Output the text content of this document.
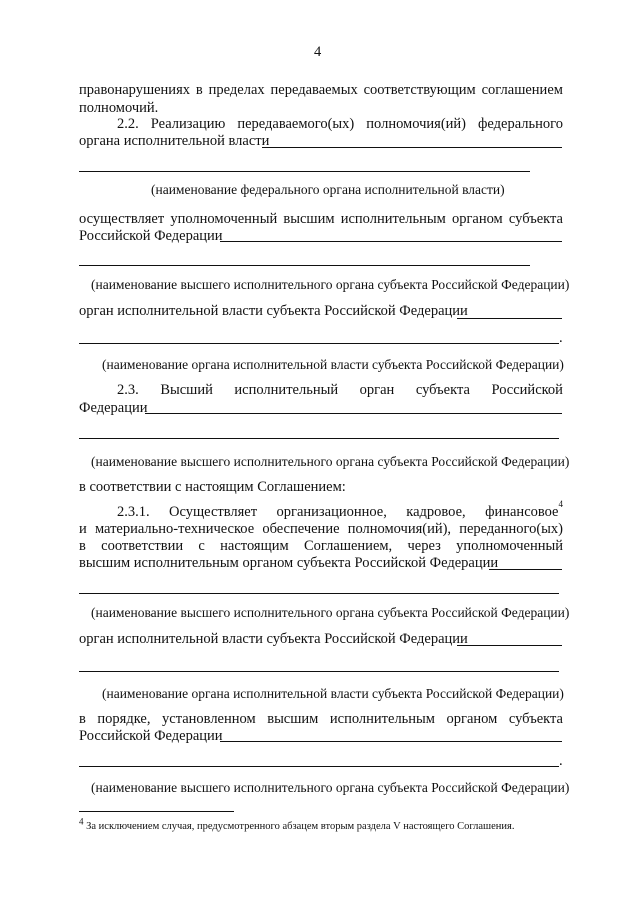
4
правонарушениях в пределах передаваемых соответствующим соглашением
полномочий.
2.2. Реализацию передаваемого(ых) полномочия(ий) федерального
органа исполнительной власти
(наименование федерального органа исполнительной власти)
осуществляет уполномоченный высшим исполнительным органом субъекта
Российской Федерации
(наименование высшего исполнительного органа субъекта Российской Федерации)
орган исполнительной власти субъекта Российской Федерации
.
(наименование органа исполнительной власти субъекта Российской Федерации)
2.3. Высший исполнительный орган субъекта Российской
Федерации
(наименование высшего исполнительного органа субъекта Российской Федерации)
в соответствии с настоящим Соглашением:
2.3.1. Осуществляет организационное, кадровое, финансовое 4
и материально-техническое обеспечение полномочия(ий), переданного(ых)
в соответствии с настоящим Соглашением, через уполномоченный
высшим исполнительным органом субъекта Российской Федерации
(наименование высшего исполнительного органа субъекта Российской Федерации)
орган исполнительной власти субъекта Российской Федерации
(наименование органа исполнительной власти субъекта Российской Федерации)
в порядке, установленном высшим исполнительным органом субъекта
Российской Федерации
.
(наименование высшего исполнительного органа субъекта Российской Федерации)
$^4$ За исключением случая, предусмотренного абзацем вторым раздела V настоящего Соглашения.
